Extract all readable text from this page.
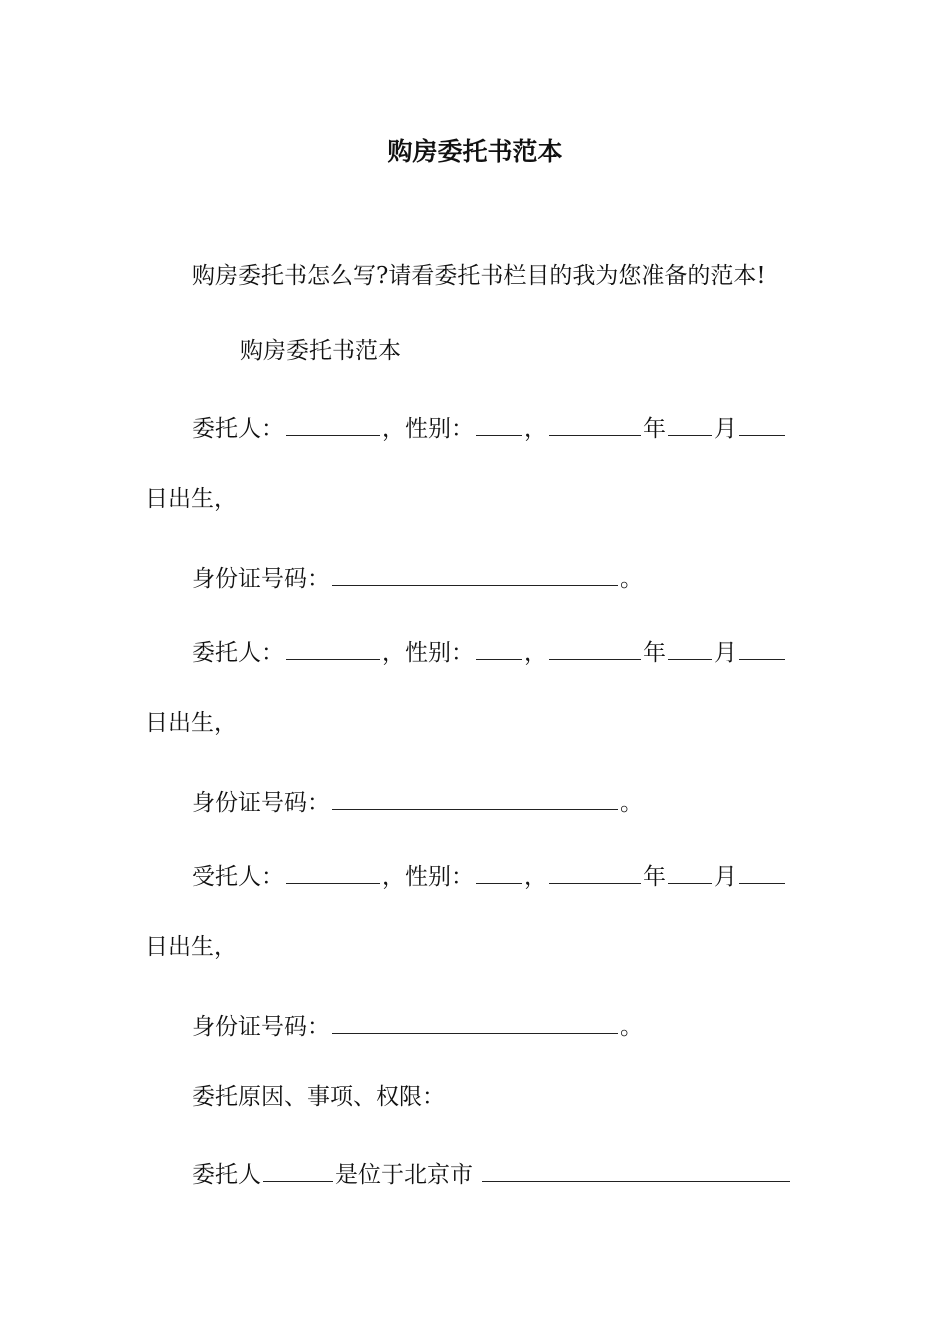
购房委托书范本
购房委托书怎么写?请看委托书栏目的我为您准备的范本!
购房委托书范本
委托人：	，性别： ，	年 月
日出生，
身份证号码：	。
委托人：	，性别： ，	年 月
日出生，
身份证号码：	。
受托人：	，性别： ，	年 月
日出生，
身份证号码：	。
委托原因、事项、权限：
委托人	是位于北京市
